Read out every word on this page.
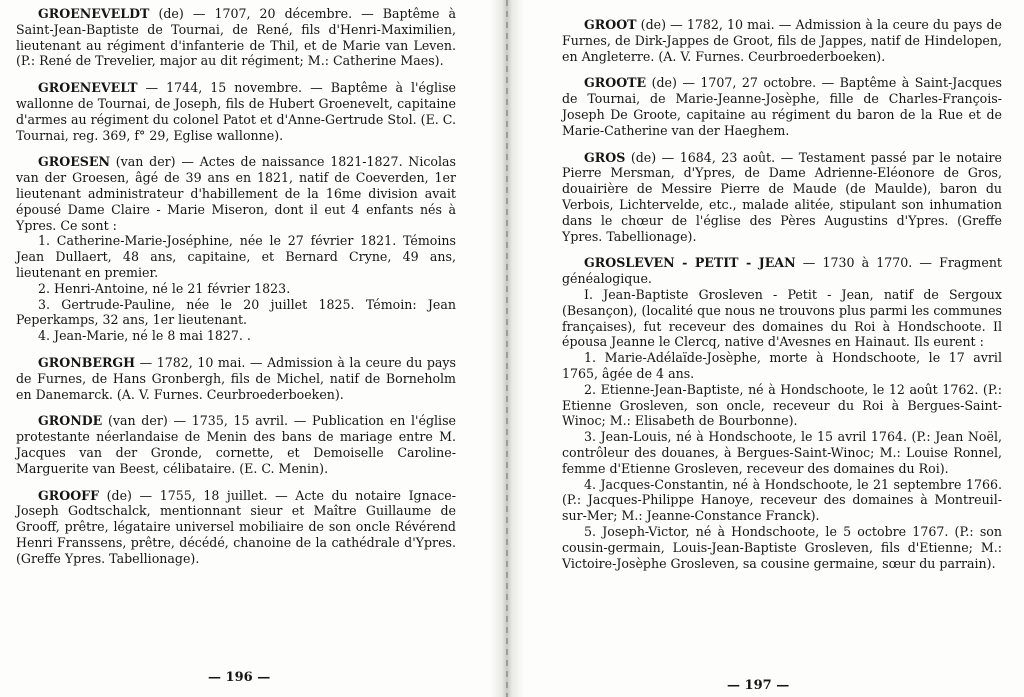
GROENEVELDT (de) — 1707, 20 décembre. — Baptême à Saint-Jean-Baptiste de Tournai, de René, fils d'Henri-Maximilien, lieutenant au régiment d'infanterie de Thil, et de Marie van Leven. (P.: René de Trevelier, major au dit régiment; M.: Catherine Maes).

GROENEVELT — 1744, 15 novembre. — Baptême à l'église wallonne de Tournai, de Joseph, fils de Hubert Groenevelt, capitaine d'armes au régiment du colonel Patot et d'Anne-Gertrude Stol. (E. C. Tournai, reg. 369, f° 29, Eglise wallonne).

GROESEN (van der) — Actes de naissance 1821-1827. Nicolas van der Groesen, âgé de 39 ans en 1821, natif de Coeverden, 1er lieutenant administrateur d'habillement de la 16me division avait épousé Dame Claire - Marie Miseron, dont il eut 4 enfants nés à Ypres. Ce sont :
1. Catherine-Marie-Joséphine, née le 27 février 1821. Témoins Jean Dullaert, 48 ans, capitaine, et Bernard Cryne, 49 ans, lieutenant en premier.
2. Henri-Antoine, né le 21 février 1823.
3. Gertrude-Pauline, née le 20 juillet 1825. Témoin: Jean Peperkamps, 32 ans, 1er lieutenant.
4. Jean-Marie, né le 8 mai 1827. .

GRONBERGH — 1782, 10 mai. — Admission à la ceure du pays de Furnes, de Hans Gronbergh, fils de Michel, natif de Borneholm en Danemarck. (A. V. Furnes. Ceurbroederboeken).

GRONDE (van der) — 1735, 15 avril. — Publication en l'église protestante néerlandaise de Menin des bans de mariage entre M. Jacques van der Gronde, cornette, et Demoiselle Caroline-Marguerite van Beest, célibataire. (E. C. Menin).

GROOFF (de) — 1755, 18 juillet. — Acte du notaire Ignace-Joseph Godtschalck, mentionnant sieur et Maître Guillaume de Grooff, prêtre, légataire universel mobiliaire de son oncle Révérend Henri Franssens, prêtre, décédé, chanoine de la cathédrale d'Ypres. (Greffe Ypres. Tabellionage).

— 196 —

GROOT (de) — 1782, 10 mai. — Admission à la ceure du pays de Furnes, de Dirk-Jappes de Groot, fils de Jappes, natif de Hindelopen, en Angleterre. (A. V. Furnes. Ceurbroederboeken).

GROOTE (de) — 1707, 27 octobre. — Baptême à Saint-Jacques de Tournai, de Marie-Jeanne-Josèphe, fille de Charles-François-Joseph De Groote, capitaine au régiment du baron de la Rue et de Marie-Catherine van der Haeghem.

GROS (de) — 1684, 23 août. — Testament passé par le notaire Pierre Mersman, d'Ypres, de Dame Adrienne-Eléonore de Gros, douairière de Messire Pierre de Maude (de Maulde), baron du Verbois, Lichtervelde, etc., malade alitée, stipulant son inhumation dans le chœur de l'église des Pères Augustins d'Ypres. (Greffe Ypres. Tabellionage).

GROSLEVEN - PETIT - JEAN — 1730 à 1770. — Fragment généalogique.
I. Jean-Baptiste Grosleven - Petit - Jean, natif de Sergoux (Besançon), (localité que nous ne trouvons plus parmi les communes françaises), fut receveur des domaines du Roi à Hondschoote. Il épousa Jeanne le Clercq, native d'Avesnes en Hainaut. Ils eurent :
1. Marie-Adélaïde-Josèphe, morte à Hondschoote, le 17 avril 1765, âgée de 4 ans.
2. Etienne-Jean-Baptiste, né à Hondschoote, le 12 août 1762. (P.: Etienne Grosleven, son oncle, receveur du Roi à Bergues-Saint-Winoc; M.: Elisabeth de Bourbonne).
3. Jean-Louis, né à Hondschoote, le 15 avril 1764. (P.: Jean Noël, contrôleur des douanes, à Bergues-Saint-Winoc; M.: Louise Ronnel, femme d'Etienne Grosleven, receveur des domaines du Roi).
4. Jacques-Constantin, né à Hondschoote, le 21 septembre 1766. (P.: Jacques-Philippe Hanoye, receveur des domaines à Montreuil-sur-Mer; M.: Jeanne-Constance Franck).
5. Joseph-Victor, né à Hondschoote, le 5 octobre 1767. (P.: son cousin-germain, Louis-Jean-Baptiste Grosleven, fils d'Etienne; M.: Victoire-Josèphe Grosleven, sa cousine germaine, sœur du parrain).

— 197 —
